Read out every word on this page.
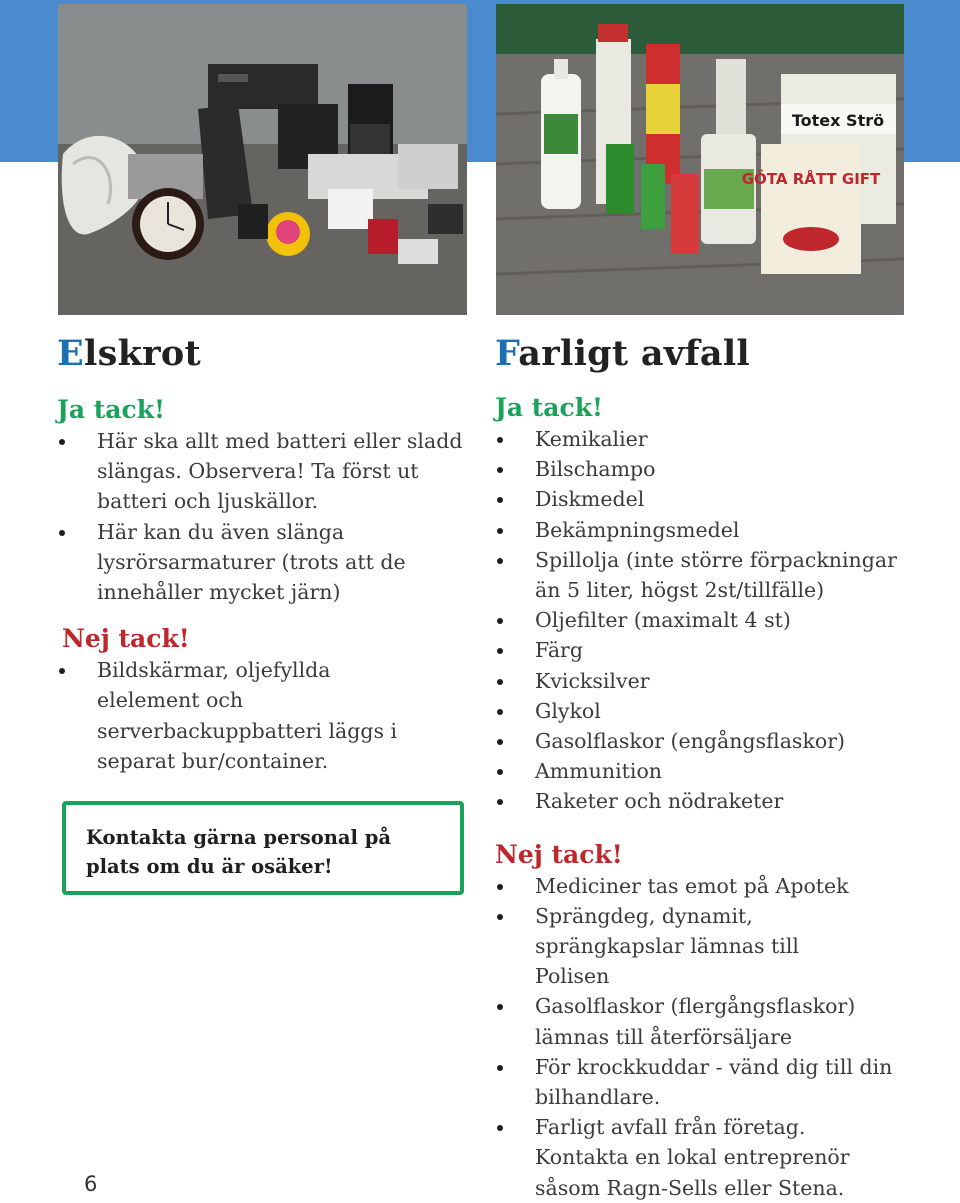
Totex Strö
GÖTA RÅTT GIFT
Elskrot
Ja tack!
Här ska allt med batteri eller sladd slängas. Observera! Ta först ut batteri och ljuskällor.
Här kan du även slänga lysrörsarmaturer (trots att de innehåller mycket järn)
Nej tack!
Bildskärmar, oljefyllda elelement och serverbackuppbatteri läggs i separat bur/container.
Kontakta gärna personal på plats om du är osäker!
Farligt avfall
Ja tack!
Kemikalier
Bilschampo
Diskmedel
Bekämpningsmedel
Spillolja (inte större förpackningar än 5 liter, högst 2st/tillfälle)
Oljefilter (maximalt 4 st)
Färg
Kvicksilver
Glykol
Gasolflaskor (engångsflaskor)
Ammunition
Raketer och nödraketer
Nej tack!
Mediciner tas emot på Apotek
Sprängdeg, dynamit, sprängkapslar lämnas till Polisen
Gasolflaskor (flergångsflaskor) lämnas till återförsäljare
För krockkuddar - vänd dig till din bilhandlare.
Farligt avfall från företag. Kontakta en lokal entreprenör såsom Ragn-Sells eller Stena.
6
